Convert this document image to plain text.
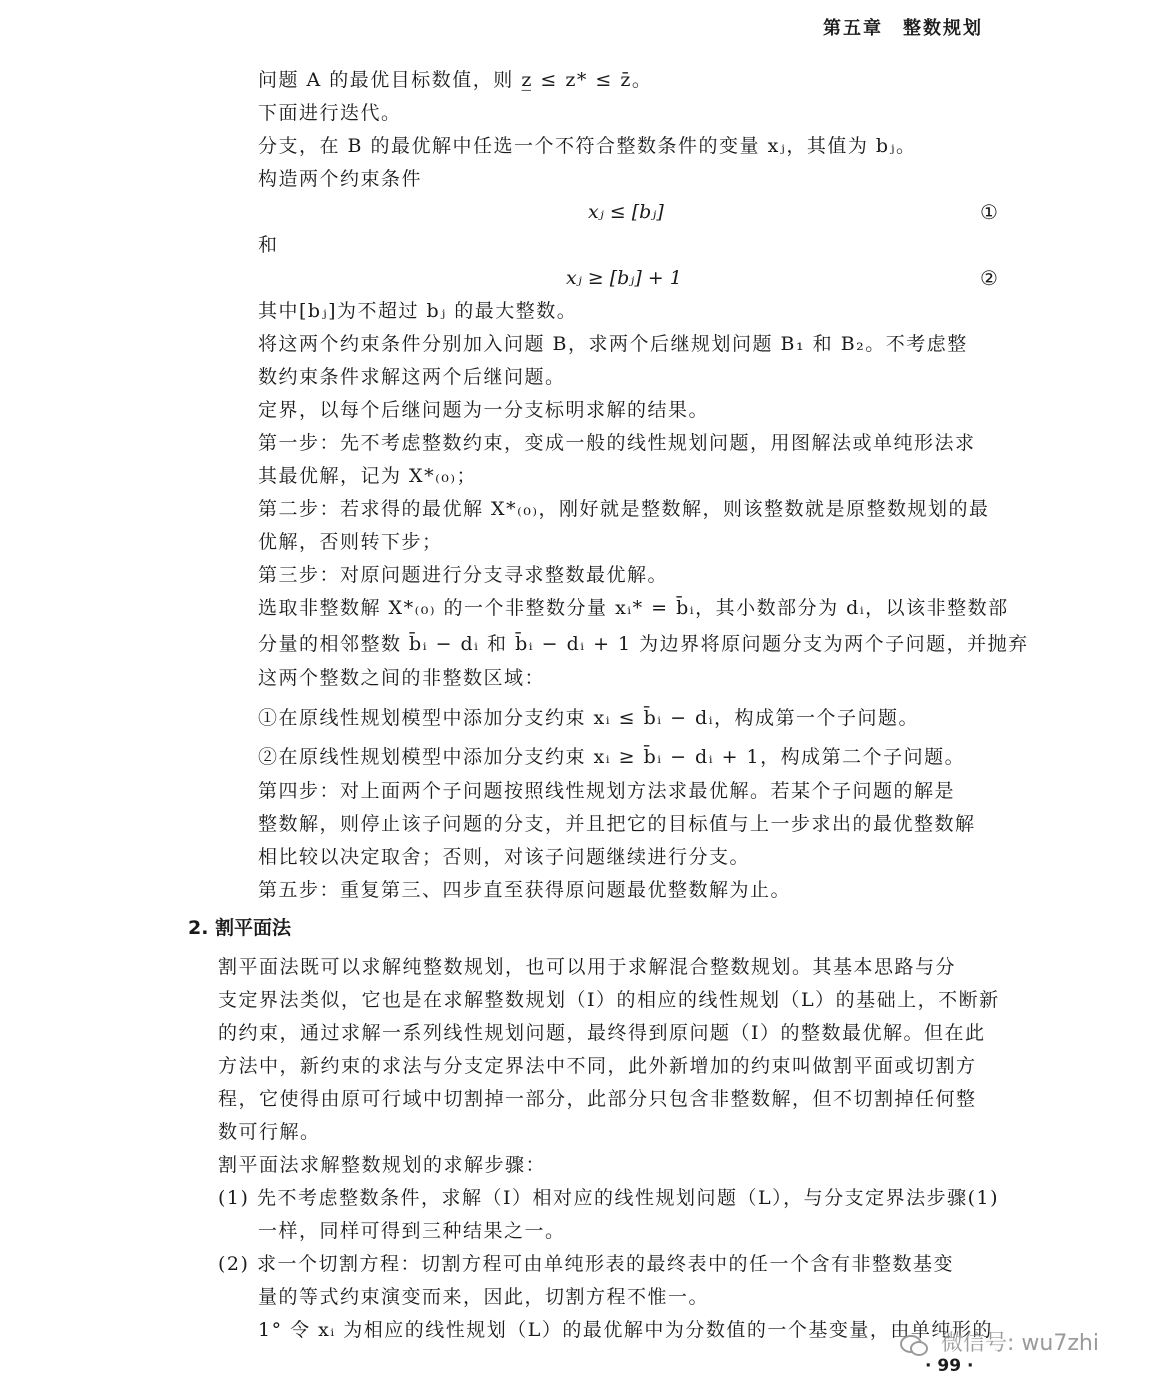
第五章　整数规划
问题 A 的最优目标数值，则 z̲ ≤ z* ≤ z̄。
下面进行迭代。
分支，在 B 的最优解中任选一个不符合整数条件的变量 xⱼ，其值为 bⱼ。
构造两个约束条件
xⱼ ≤ [bⱼ]	①
和
xⱼ ≥ [bⱼ] + 1	②
其中[bⱼ]为不超过 bⱼ 的最大整数。
将这两个约束条件分别加入问题 B，求两个后继规划问题 B₁ 和 B₂。不考虑整
数约束条件求解这两个后继问题。
定界，以每个后继问题为一分支标明求解的结果。
第一步：先不考虑整数约束，变成一般的线性规划问题，用图解法或单纯形法求
其最优解，记为 X*₍₀₎；
第二步：若求得的最优解 X*₍₀₎，刚好就是整数解，则该整数就是原整数规划的最
优解，否则转下步；
第三步：对原问题进行分支寻求整数最优解。
选取非整数解 X*₍₀₎ 的一个非整数分量 xᵢ* = b̄ᵢ，其小数部分为 dᵢ，以该非整数部
分量的相邻整数 b̄ᵢ − dᵢ 和 b̄ᵢ − dᵢ + 1 为边界将原问题分支为两个子问题，并抛弃
这两个整数之间的非整数区域：
①在原线性规划模型中添加分支约束 xᵢ ≤ b̄ᵢ − dᵢ，构成第一个子问题。
②在原线性规划模型中添加分支约束 xᵢ ≥ b̄ᵢ − dᵢ + 1，构成第二个子问题。
第四步：对上面两个子问题按照线性规划方法求最优解。若某个子问题的解是
整数解，则停止该子问题的分支，并且把它的目标值与上一步求出的最优整数解
相比较以决定取舍；否则，对该子问题继续进行分支。
第五步：重复第三、四步直至获得原问题最优整数解为止。
2. 割平面法
割平面法既可以求解纯整数规划，也可以用于求解混合整数规划。其基本思路与分
支定界法类似，它也是在求解整数规划（Ⅰ）的相应的线性规划（L）的基础上，不断新
的约束，通过求解一系列线性规划问题，最终得到原问题（Ⅰ）的整数最优解。但在此
方法中，新约束的求法与分支定界法中不同，此外新增加的约束叫做割平面或切割方
程，它使得由原可行域中切割掉一部分，此部分只包含非整数解，但不切割掉任何整
数可行解。
割平面法求解整数规划的求解步骤：
(1) 先不考虑整数条件，求解（Ⅰ）相对应的线性规划问题（L），与分支定界法步骤(1)
一样，同样可得到三种结果之一。
(2) 求一个切割方程：切割方程可由单纯形表的最终表中的任一个含有非整数基变
量的等式约束演变而来，因此，切割方程不惟一。
1° 令 xᵢ 为相应的线性规划（L）的最优解中为分数值的一个基变量，由单纯形的
微信号: wu7zhi
· 99 ·
